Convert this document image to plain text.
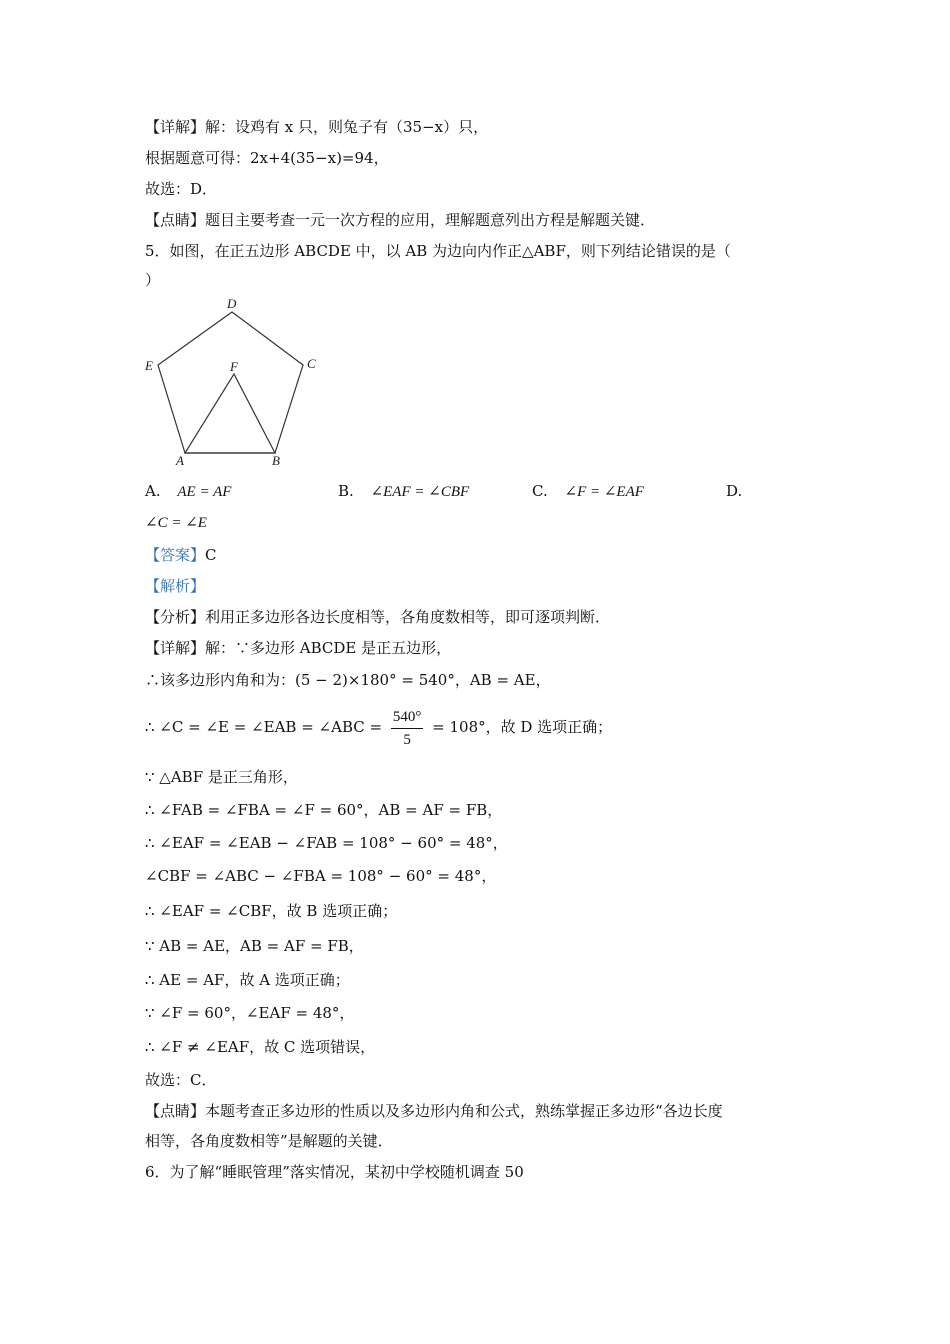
【详解】解：设鸡有 x 只，则兔子有（35−x）只，
根据题意可得：2x+4(35−x)=94，
故选：D．
【点睛】题目主要考查一元一次方程的应用，理解题意列出方程是解题关键．
5．如图，在正五边形 ABCDE 中，以 AB 为边向内作正△ABF，则下列结论错误的是（
）
D
E	C
F
A	B
A. AE = AF	B. ∠EAF = ∠CBF	C. ∠F = ∠EAF	D.
∠C = ∠E
【答案】C
【解析】
【分析】利用正多边形各边长度相等，各角度数相等，即可逐项判断．
【详解】解：∵多边形 ABCDE 是正五边形，
∴该多边形内角和为：(5 − 2)×180° = 540°，AB = AE，
∴ ∠C = ∠E = ∠EAB = ∠ABC = $\frac{540^\circ}{5} = 108^\circ$，故 D 选项正确；
∵ △ABF 是正三角形，
∴ ∠FAB = ∠FBA = ∠F = 60°，AB = AF = FB，
∴ ∠EAF = ∠EAB − ∠FAB = 108° − 60° = 48°，
∠CBF = ∠ABC − ∠FBA = 108° − 60° = 48°，
∴ ∠EAF = ∠CBF，故 B 选项正确；
∵ AB = AE，AB = AF = FB，
∴ AE = AF，故 A 选项正确；
∵ ∠F = 60°，∠EAF = 48°，
∴ ∠F ≠ ∠EAF，故 C 选项错误，
故选：C．
【点睛】本题考查正多边形的性质以及多边形内角和公式，熟练掌握正多边形“各边长度
相等，各角度数相等”是解题的关键．
6．为了解“睡眠管理”落实情况，某初中学校随机调查 50
